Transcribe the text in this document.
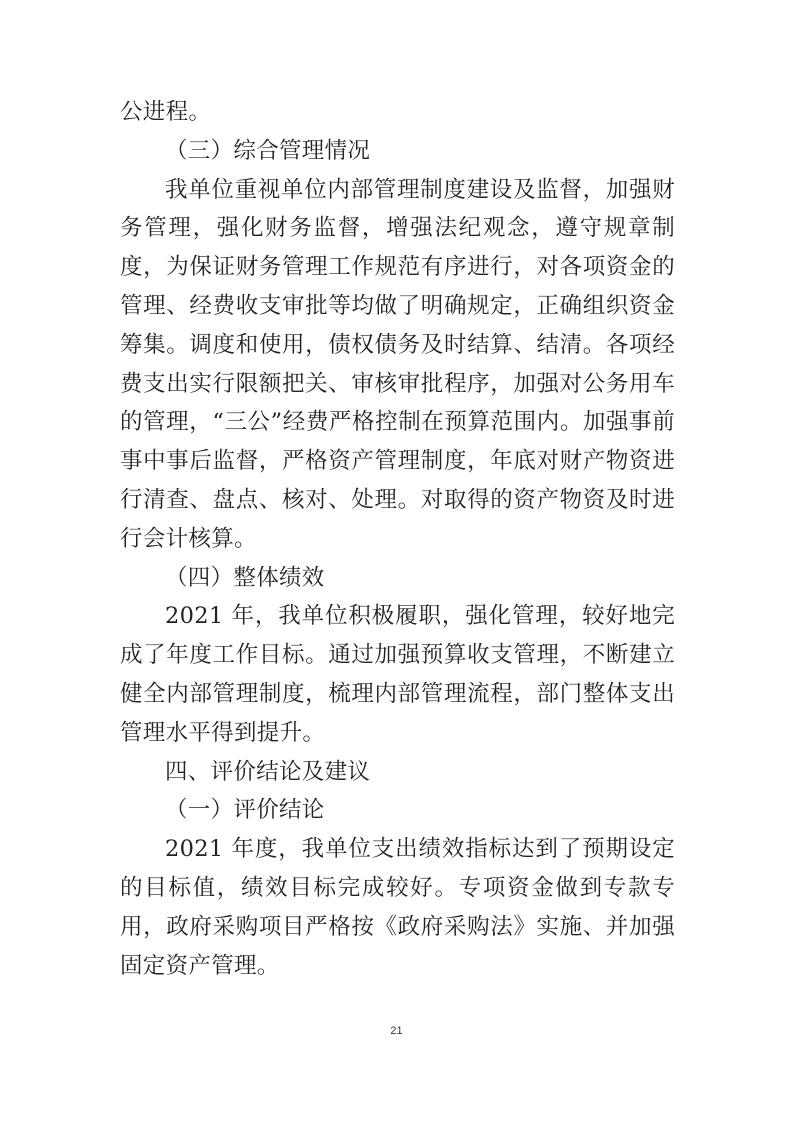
公进程。

（三）综合管理情况

我单位重视单位内部管理制度建设及监督，加强财务管理，强化财务监督，增强法纪观念，遵守规章制度，为保证财务管理工作规范有序进行，对各项资金的管理、经费收支审批等均做了明确规定，正确组织资金筹集。调度和使用，债权债务及时结算、结清。各项经费支出实行限额把关、审核审批程序，加强对公务用车的管理，“三公”经费严格控制在预算范围内。加强事前事中事后监督，严格资产管理制度，年底对财产物资进行清查、盘点、核对、处理。对取得的资产物资及时进行会计核算。

（四）整体绩效

2021 年，我单位积极履职，强化管理，较好地完成了年度工作目标。通过加强预算收支管理，不断建立健全内部管理制度，梳理内部管理流程，部门整体支出管理水平得到提升。

四、评价结论及建议

（一）评价结论

2021 年度，我单位支出绩效指标达到了预期设定的目标值，绩效目标完成较好。专项资金做到专款专用，政府采购项目严格按《政府采购法》实施、并加强固定资产管理。

21
